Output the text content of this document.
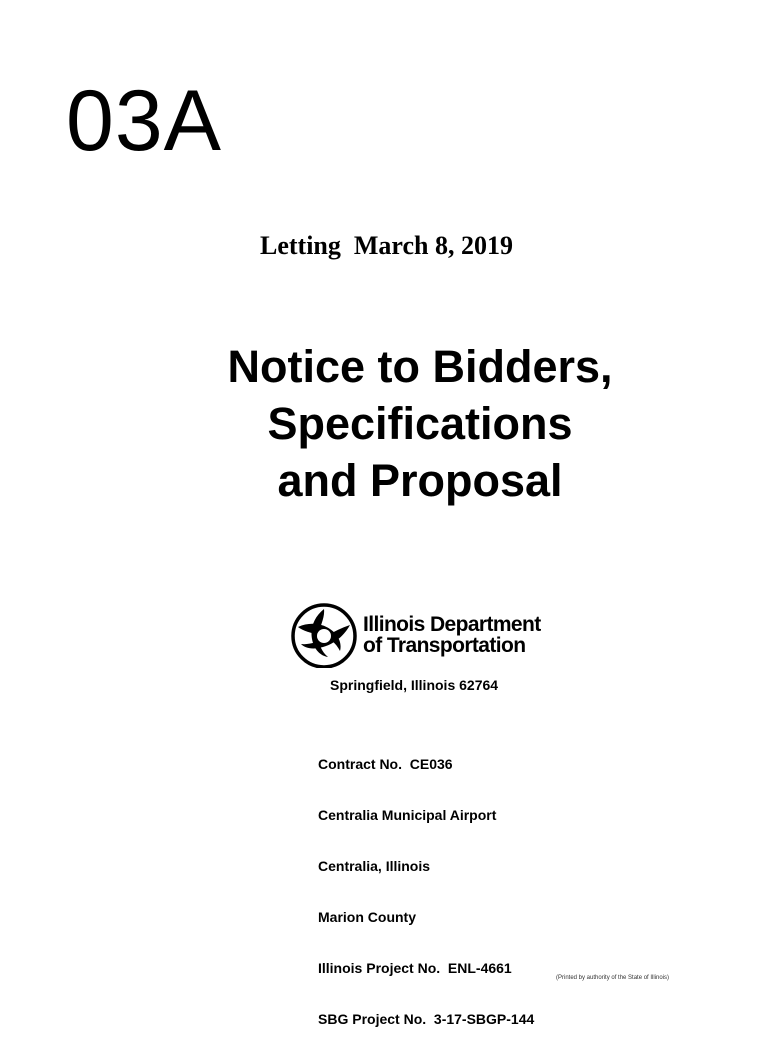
03A
Letting  March 8, 2019
Notice to Bidders,
Specifications
and Proposal
Illinois Department
of Transportation
Springfield, Illinois 62764

Contract No.  CE036

Centralia Municipal Airport

Centralia, Illinois

Marion County

Illinois Project No.  ENL-4661

SBG Project No.  3-17-SBGP-144

(Printed by authority of the State of Illinois)
